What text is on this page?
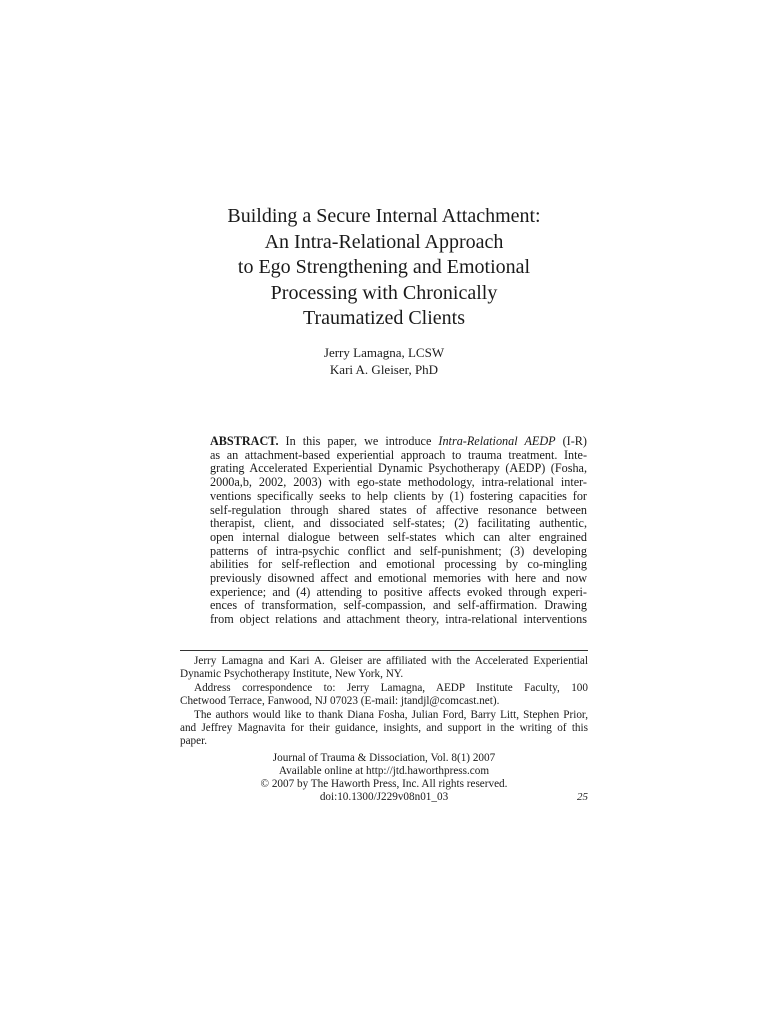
Building a Secure Internal Attachment:
An Intra-Relational Approach
to Ego Strengthening and Emotional
Processing with Chronically
Traumatized Clients
Jerry Lamagna, LCSW
Kari A. Gleiser, PhD
ABSTRACT. In this paper, we introduce Intra-Relational AEDP (I-R)
as an attachment-based experiential approach to trauma treatment. Inte-
grating Accelerated Experiential Dynamic Psychotherapy (AEDP) (Fosha,
2000a,b, 2002, 2003) with ego-state methodology, intra-relational inter-
ventions specifically seeks to help clients by (1) fostering capacities for
self-regulation through shared states of affective resonance between
therapist, client, and dissociated self-states; (2) facilitating authentic,
open internal dialogue between self-states which can alter engrained
patterns of intra-psychic conflict and self-punishment; (3) developing
abilities for self-reflection and emotional processing by co-mingling
previously disowned affect and emotional memories with here and now
experience; and (4) attending to positive affects evoked through experi-
ences of transformation, self-compassion, and self-affirmation. Drawing
from object relations and attachment theory, intra-relational interventions

Jerry Lamagna and Kari A. Gleiser are affiliated with the Accelerated Experiential
Dynamic Psychotherapy Institute, New York, NY.

Address correspondence to: Jerry Lamagna, AEDP Institute Faculty, 100
Chetwood Terrace, Fanwood, NJ 07023 (E-mail: jtandjl@comcast.net).

The authors would like to thank Diana Fosha, Julian Ford, Barry Litt, Stephen Prior,
and Jeffrey Magnavita for their guidance, insights, and support in the writing of this
paper.

Journal of Trauma & Dissociation, Vol. 8(1) 2007
Available online at http://jtd.haworthpress.com
© 2007 by The Haworth Press, Inc. All rights reserved.
doi:10.1300/J229v08n01_03	25
